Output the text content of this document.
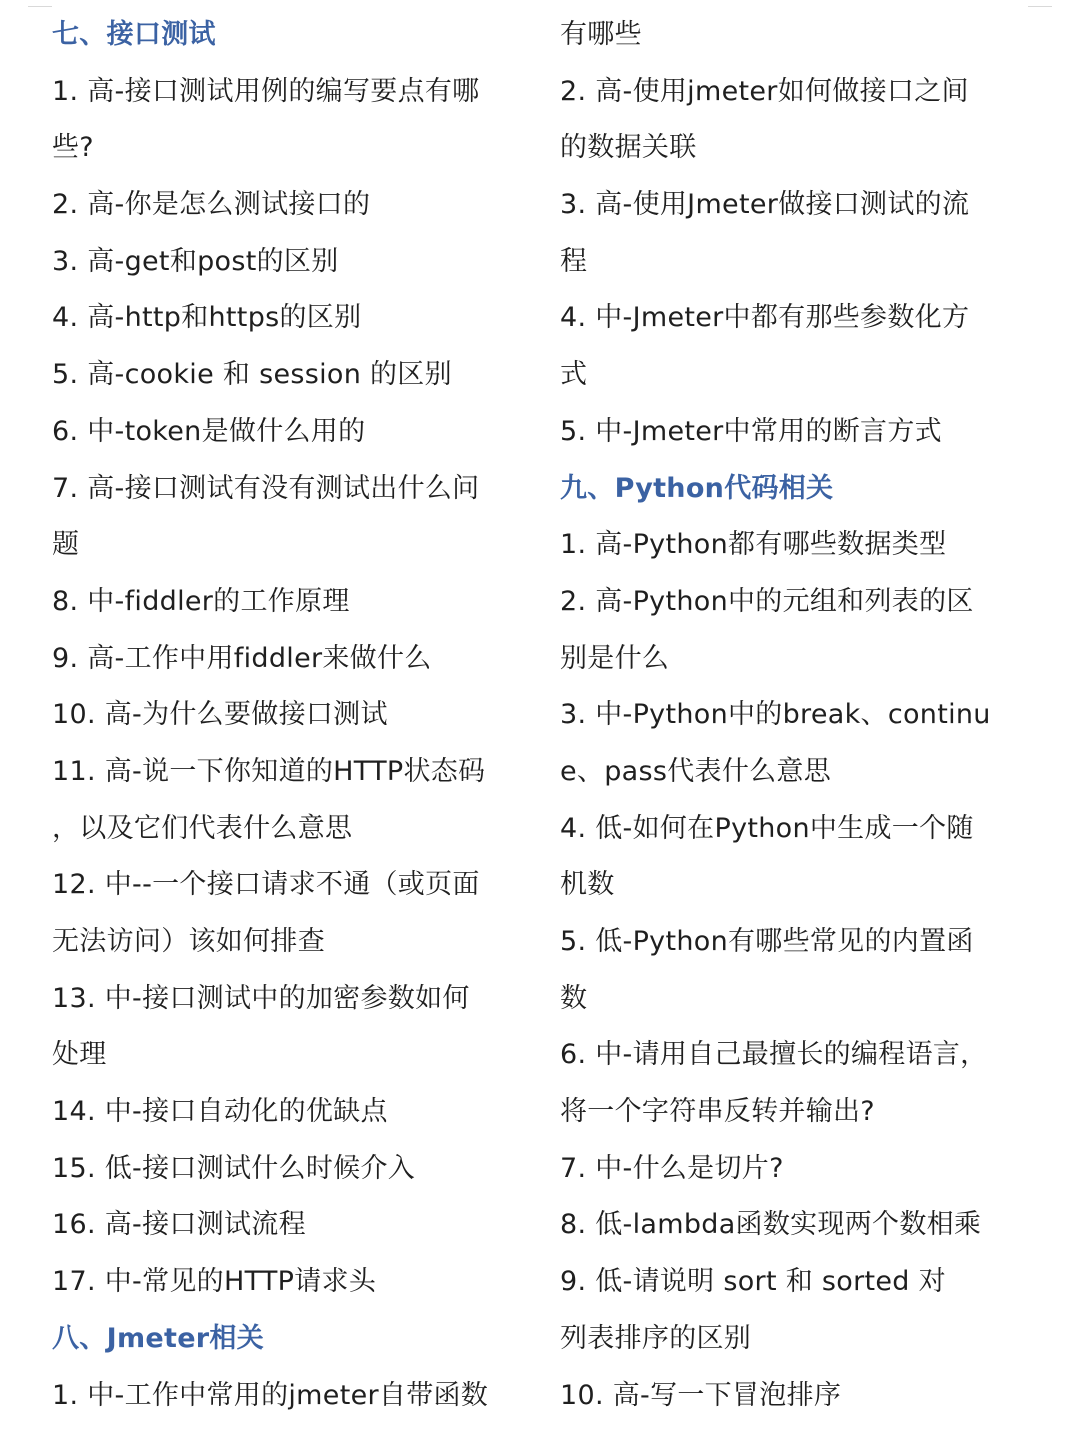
七、接口测试
1. 高-接口测试用例的编写要点有哪
些?
2. 高-你是怎么测试接口的
3. 高-get和post的区别
4. 高-http和https的区别
5. 高-cookie 和 session 的区别
6. 中-token是做什么用的
7. 高-接口测试有没有测试出什么问
题
8. 中-fiddler的工作原理
9. 高-工作中用fiddler来做什么
10. 高-为什么要做接口测试
11. 高-说一下你知道的HTTP状态码
，以及它们代表什么意思
12. 中--一个接口请求不通（或页面
无法访问）该如何排查
13. 中-接口测试中的加密参数如何
处理
14. 中-接口自动化的优缺点
15. 低-接口测试什么时候介入
16. 高-接口测试流程
17. 中-常见的HTTP请求头
八、Jmeter相关
1. 中-工作中常用的jmeter自带函数
有哪些
2. 高-使用jmeter如何做接口之间
的数据关联
3. 高-使用Jmeter做接口测试的流
程
4. 中-Jmeter中都有那些参数化方
式
5. 中-Jmeter中常用的断言方式
九、Python代码相关
1. 高-Python都有哪些数据类型
2. 高-Python中的元组和列表的区
别是什么
3. 中-Python中的break、continu
e、pass代表什么意思
4. 低-如何在Python中生成一个随
机数
5. 低-Python有哪些常见的内置函
数
6. 中-请用自己最擅长的编程语言，
将一个字符串反转并输出?
7. 中-什么是切片?
8. 低-lambda函数实现两个数相乘
9. 低-请说明 sort 和 sorted 对
列表排序的区别
10. 高-写一下冒泡排序
